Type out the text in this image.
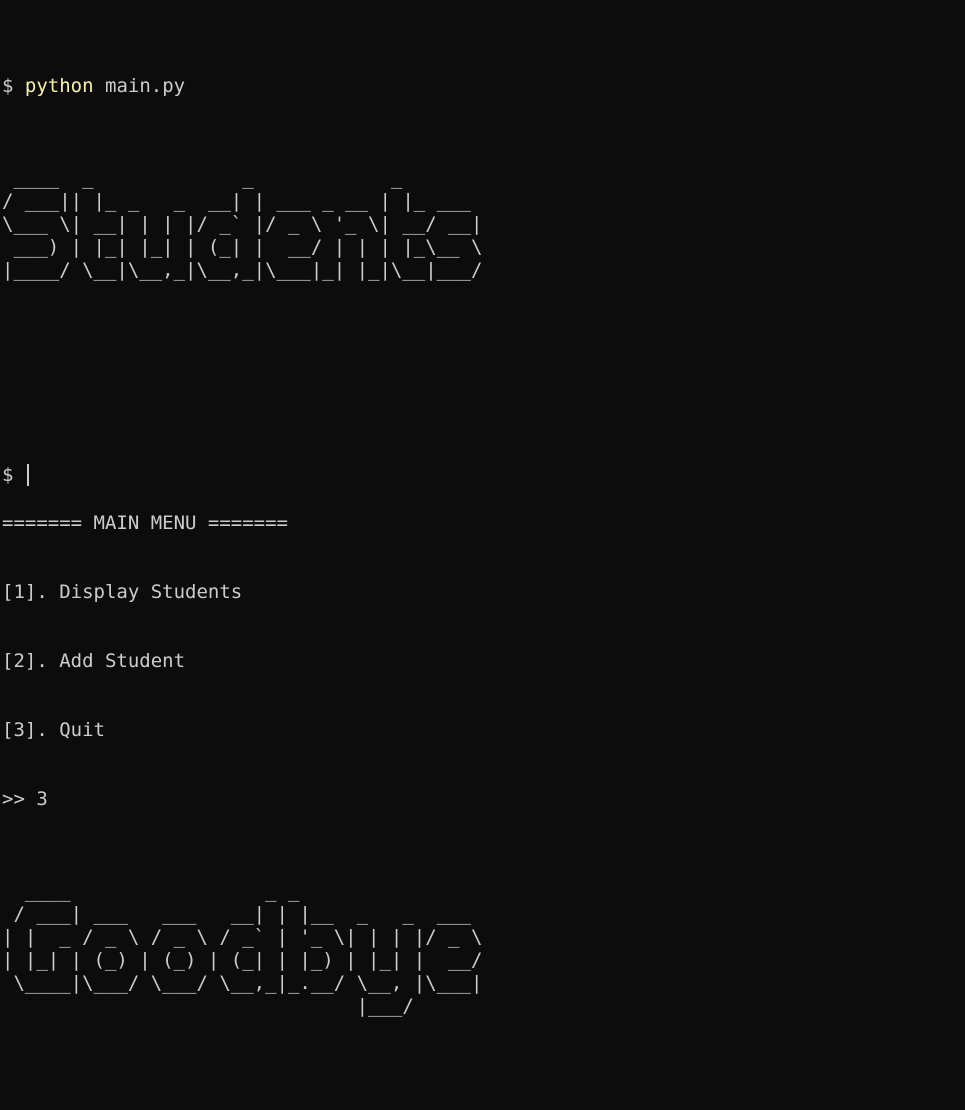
$ python main.py

____  _             _            _
/ ___|| |_ _   _  __| | ___ _ __ | |_ ___
\___ \| __| | | |/ _` |/ _ \ '_ \| __/ __|
___) | |_| |_| | (_| |  __/ | | | |_\__ \
|____/ \__|\__,_|\__,_|\___|_| |_|\__|___/

======= MAIN MENU =======

[1]. Display Students

[2]. Add Student

[3]. Quit

>> 3

____                 _ _
/ ___| ___   ___   __| | |__  _   _  ___
| |  _ / _ \ / _ \ / _` | '_ \| | | |/ _ \
| |_| | (_) | (_) | (_| | |_) | |_| |  __/
\____|\___/ \___/ \__,_|_.__/ \__, |\___|
|___/

$
